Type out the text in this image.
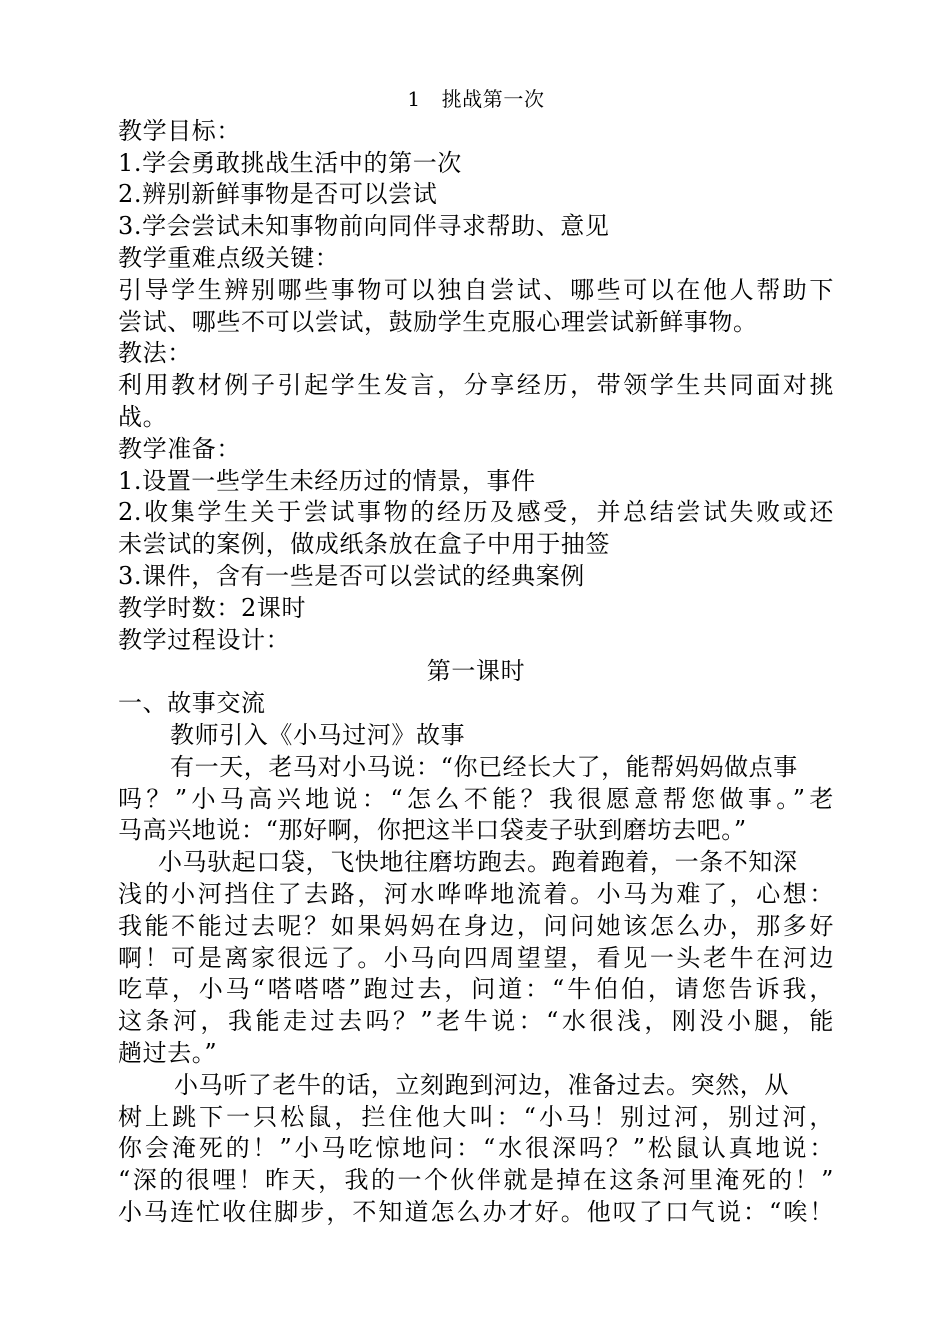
1   挑战第一次
教学目标：
1.学会勇敢挑战生活中的第一次
2.辨别新鲜事物是否可以尝试
3.学会尝试未知事物前向同伴寻求帮助、意见
教学重难点级关键：
引导学生辨别哪些事物可以独自尝试、哪些可以在他人帮助下
尝试、哪些不可以尝试，鼓励学生克服心理尝试新鲜事物。
教法：
利用教材例子引起学生发言，分享经历，带领学生共同面对挑
战。
教学准备：
1.设置一些学生未经历过的情景，事件
2.收集学生关于尝试事物的经历及感受，并总结尝试失败或还
未尝试的案例，做成纸条放在盒子中用于抽签
3.课件，含有一些是否可以尝试的经典案例
教学时数：2课时
教学过程设计：
第一课时
一、故事交流
教师引入《小马过河》故事
有一天，老马对小马说：“你已经长大了，能帮妈妈做点事
吗？”小马高兴地说：“怎么不能？我很愿意帮您做事。”老
马高兴地说：“那好啊，你把这半口袋麦子驮到磨坊去吧。”
小马驮起口袋，飞快地往磨坊跑去。跑着跑着，一条不知深
浅的小河挡住了去路，河水哗哗地流着。小马为难了，心想：
我能不能过去呢？如果妈妈在身边，问问她该怎么办，那多好
啊！可是离家很远了。小马向四周望望，看见一头老牛在河边
吃草，小马“嗒嗒嗒”跑过去，问道：“牛伯伯，请您告诉我，
这条河，我能走过去吗？”老牛说：“水很浅，刚没小腿，能
趟过去。”
小马听了老牛的话，立刻跑到河边，准备过去。突然，从
树上跳下一只松鼠，拦住他大叫：“小马！别过河，别过河，
你会淹死的！”小马吃惊地问：“水很深吗？”松鼠认真地说：
“深的很哩！昨天，我的一个伙伴就是掉在这条河里淹死的！”
小马连忙收住脚步，不知道怎么办才好。他叹了口气说：“唉！
